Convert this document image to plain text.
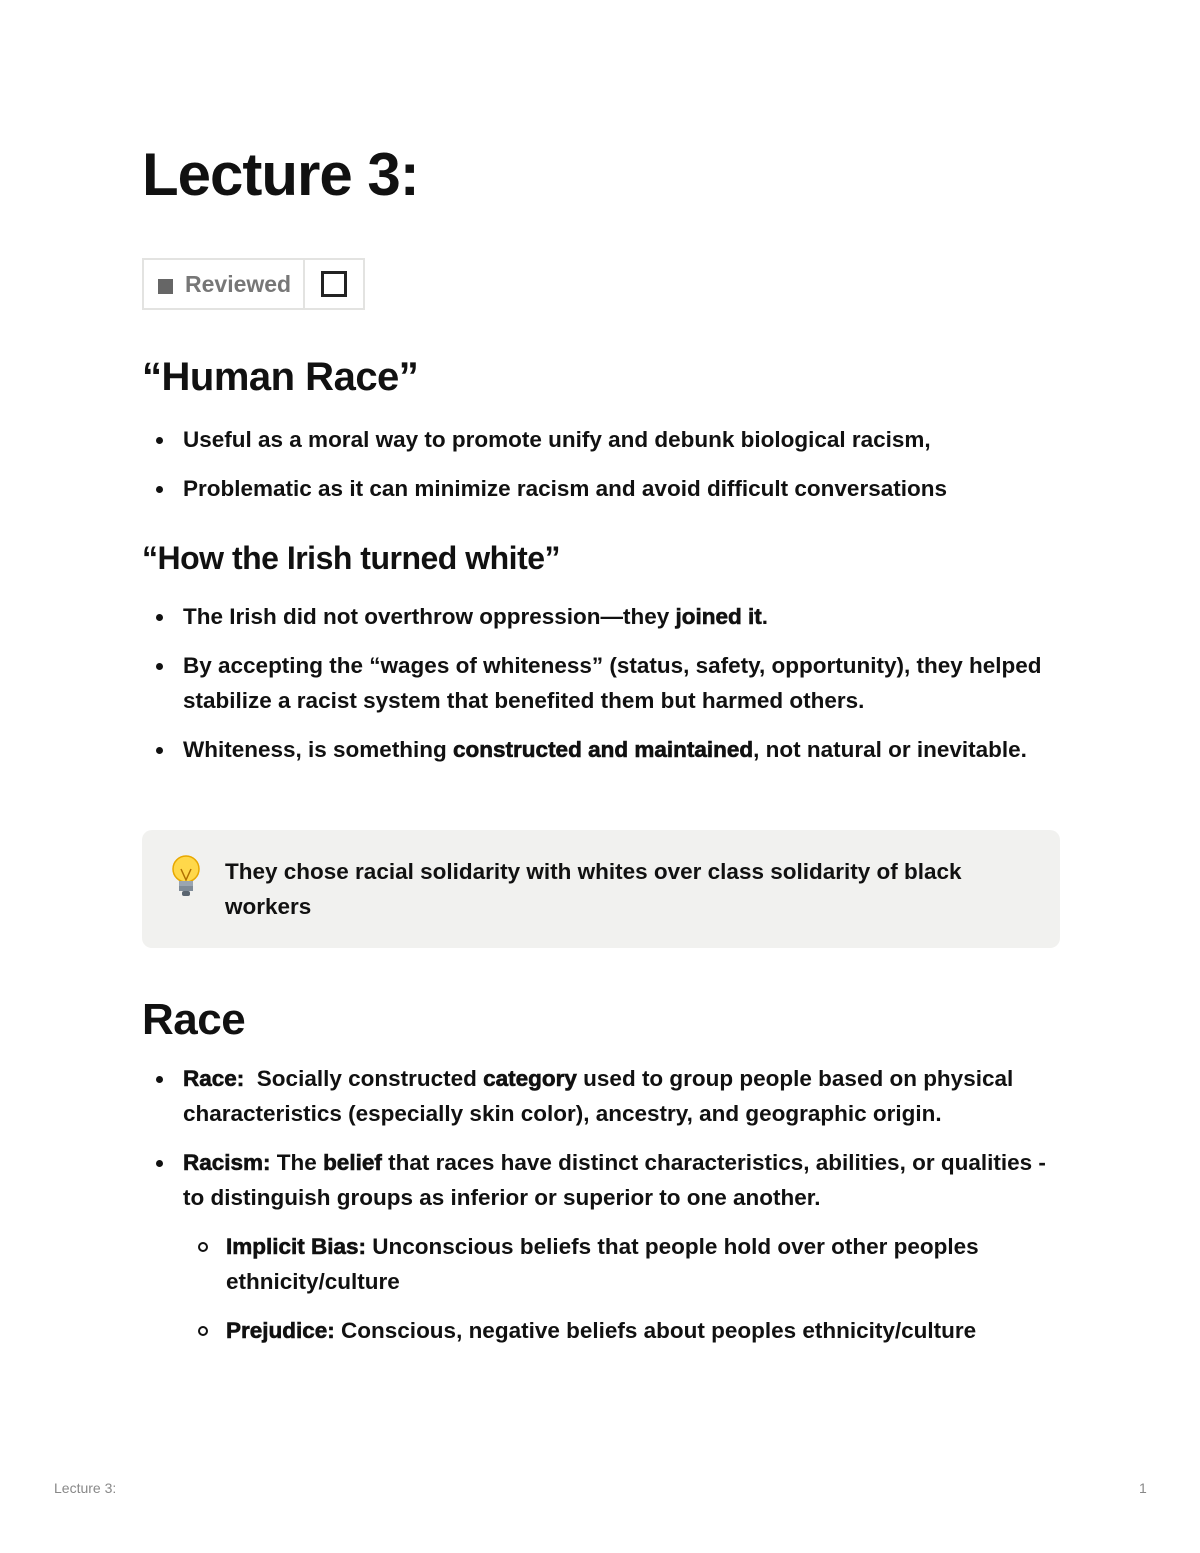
Lecture 3:
Reviewed
“Human Race”
Useful as a moral way to promote unify and debunk biological racism,
Problematic as it can minimize racism and avoid difficult conversations
“How the Irish turned white”
The Irish did not overthrow oppression—they joined it.
By accepting the “wages of whiteness” (status, safety, opportunity), they helped stabilize a racist system that benefited them but harmed others.
Whiteness, is something constructed and maintained, not natural or inevitable.
They chose racial solidarity with whites over class solidarity of black workers
Race
Race:  Socially constructed category used to group people based on physical characteristics (especially skin color), ancestry, and geographic origin.
Racism: The belief that races have distinct characteristics, abilities, or qualities -to distinguish groups as inferior or superior to one another.
Implicit Bias: Unconscious beliefs that people hold over other peoples ethnicity/culture
Prejudice: Conscious, negative beliefs about peoples ethnicity/culture
Lecture 3:	1
